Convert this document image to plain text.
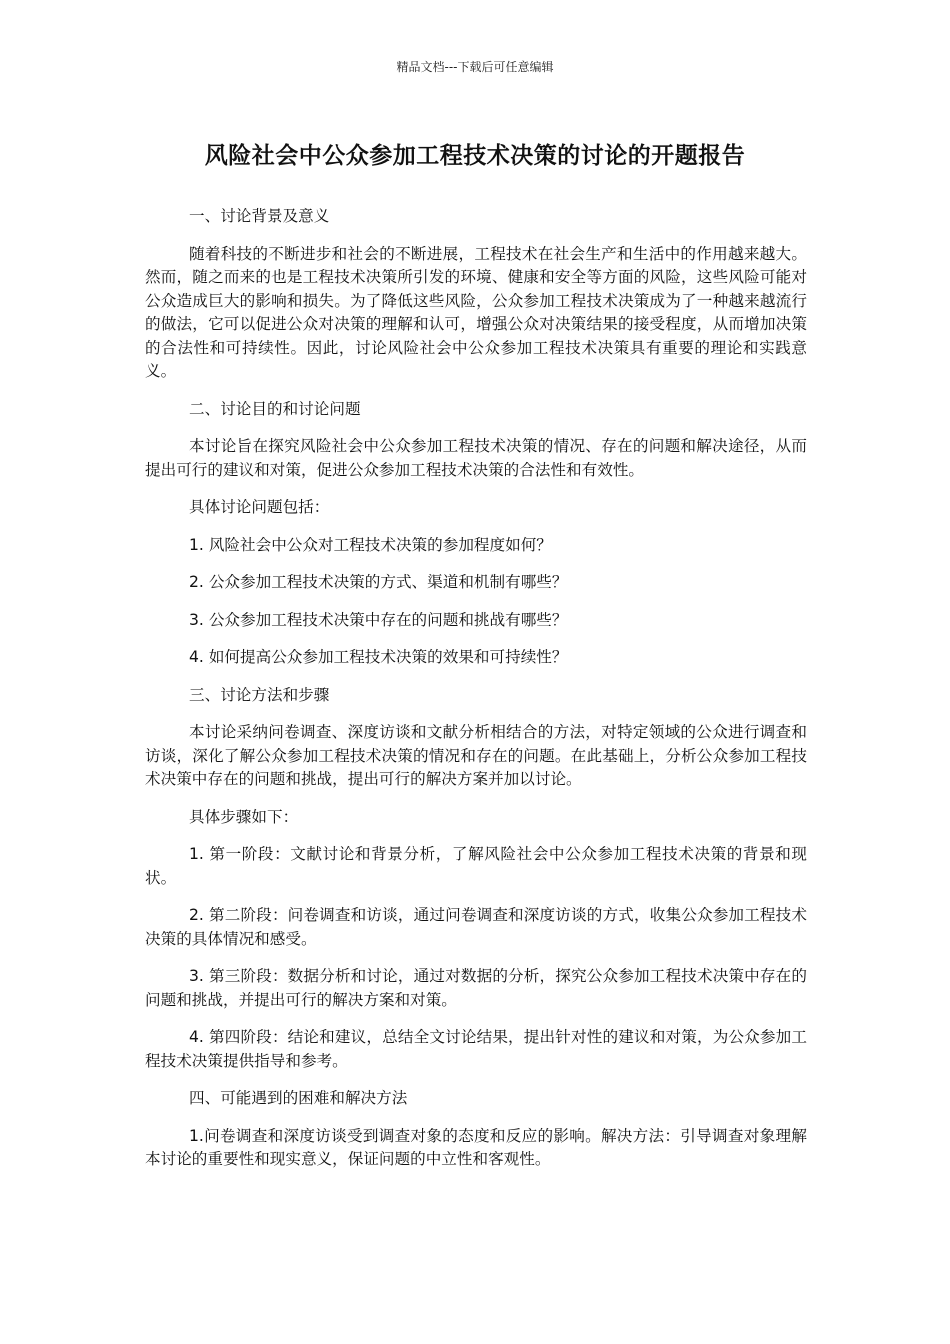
精品文档---下载后可任意编辑
风险社会中公众参加工程技术决策的讨论的开题报告

一、讨论背景及意义

随着科技的不断进步和社会的不断进展，工程技术在社会生产和生活中的作用越来越大。然而，随之而来的也是工程技术决策所引发的环境、健康和安全等方面的风险，这些风险可能对公众造成巨大的影响和损失。为了降低这些风险，公众参加工程技术决策成为了一种越来越流行的做法，它可以促进公众对决策的理解和认可，增强公众对决策结果的接受程度，从而增加决策的合法性和可持续性。因此，讨论风险社会中公众参加工程技术决策具有重要的理论和实践意义。

二、讨论目的和讨论问题

本讨论旨在探究风险社会中公众参加工程技术决策的情况、存在的问题和解决途径，从而提出可行的建议和对策，促进公众参加工程技术决策的合法性和有效性。

具体讨论问题包括：

1. 风险社会中公众对工程技术决策的参加程度如何？

2. 公众参加工程技术决策的方式、渠道和机制有哪些？

3. 公众参加工程技术决策中存在的问题和挑战有哪些？

4. 如何提高公众参加工程技术决策的效果和可持续性？

三、讨论方法和步骤

本讨论采纳问卷调查、深度访谈和文献分析相结合的方法，对特定领域的公众进行调查和访谈，深化了解公众参加工程技术决策的情况和存在的问题。在此基础上，分析公众参加工程技术决策中存在的问题和挑战，提出可行的解决方案并加以讨论。

具体步骤如下：

1. 第一阶段：文献讨论和背景分析，了解风险社会中公众参加工程技术决策的背景和现状。

2. 第二阶段：问卷调查和访谈，通过问卷调查和深度访谈的方式，收集公众参加工程技术决策的具体情况和感受。

3. 第三阶段：数据分析和讨论，通过对数据的分析，探究公众参加工程技术决策中存在的问题和挑战，并提出可行的解决方案和对策。

4. 第四阶段：结论和建议，总结全文讨论结果，提出针对性的建议和对策，为公众参加工程技术决策提供指导和参考。

四、可能遇到的困难和解决方法

1.问卷调查和深度访谈受到调查对象的态度和反应的影响。解决方法：引导调查对象理解本讨论的重要性和现实意义，保证问题的中立性和客观性。
